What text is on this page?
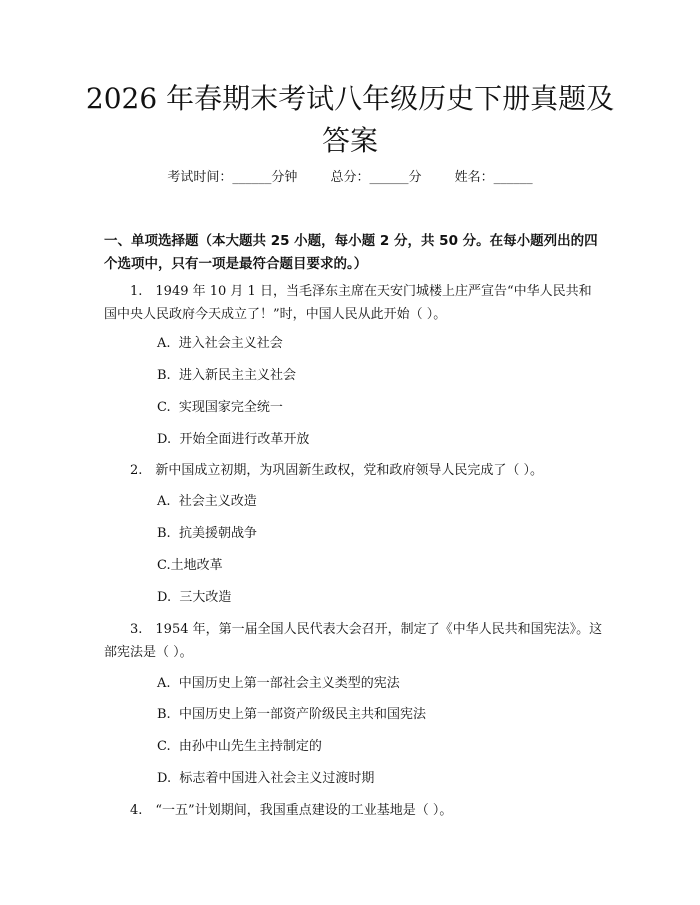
2026 年春期末考试八年级历史下册真题及答案
考试时间：______分钟	总分：______分	姓名：______
一、单项选择题（本大题共 25 小题，每小题 2 分，共 50 分。在每小题列出的四个选项中，只有一项是最符合题目要求的。）
1.　1949 年 10 月 1 日，当毛泽东主席在天安门城楼上庄严宣告“中华人民共和国中央人民政府今天成立了！”时，中国人民从此开始（ ）。
A.  进入社会主义社会
B.  进入新民主主义社会
C.  实现国家完全统一
D.  开始全面进行改革开放
2.　新中国成立初期，为巩固新生政权，党和政府领导人民完成了（ ）。
A.  社会主义改造
B.  抗美援朝战争
C.土地改革
D.  三大改造
3.　1954 年，第一届全国人民代表大会召开，制定了《中华人民共和国宪法》。这部宪法是（ ）。
A.  中国历史上第一部社会主义类型的宪法
B.  中国历史上第一部资产阶级民主共和国宪法
C.  由孙中山先生主持制定的
D.  标志着中国进入社会主义过渡时期
4.　“一五”计划期间，我国重点建设的工业基地是（ ）。
